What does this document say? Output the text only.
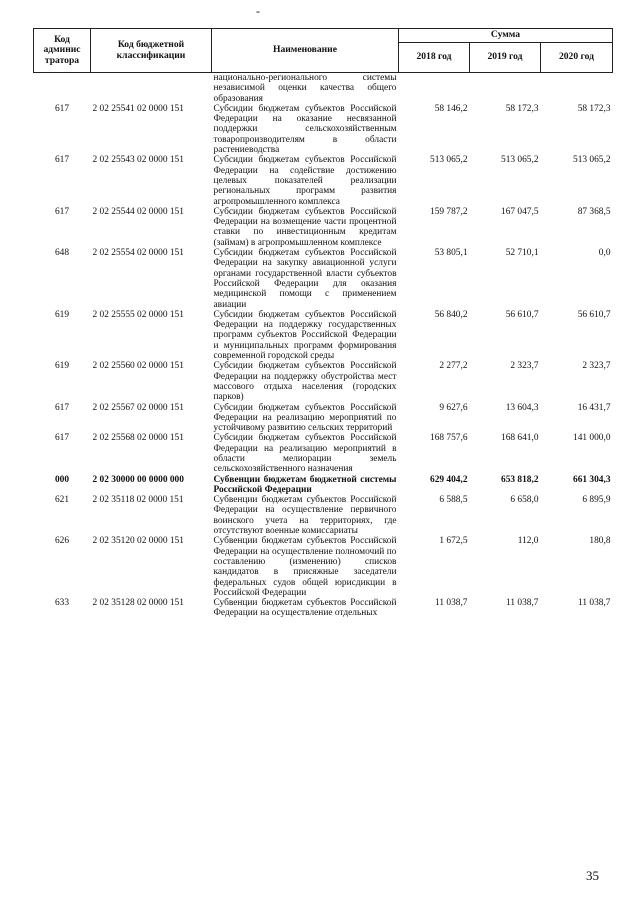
-
Код админис тратора	Код бюджетной классификации	Наименование	Сумма		
			2018 год	2019 год	2020 год
		национально-регионального системы независимой оценки качества общего образования			
617	2 02 25541 02 0000 151	Субсидии бюджетам субъектов Российской Федерации на оказание несвязанной поддержки сельскохозяйственным товаропроизводителям в области растениеводства	58 146,2	58 172,3	58 172,3
617	2 02 25543 02 0000 151	Субсидии бюджетам субъектов Российской Федерации на содействие достижению целевых показателей реализации региональных программ развития агропромышленного комплекса	513 065,2	513 065,2	513 065,2
617	2 02 25544 02 0000 151	Субсидии бюджетам субъектов Российской Федерации на возмещение части процентной ставки по инвестиционным кредитам (займам) в агропромышленном комплексе	159 787,2	167 047,5	87 368,5
648	2 02 25554 02 0000 151	Субсидии бюджетам субъектов Российской Федерации на закупку авиационной услуги органами государственной власти субъектов Российской Федерации для оказания медицинской помощи с применением авиации	53 805,1	52 710,1	0,0
619	2 02 25555 02 0000 151	Субсидии бюджетам субъектов Российской Федерации на поддержку государственных программ субъектов Российской Федерации и муниципальных программ формирования современной городской среды	56 840,2	56 610,7	56 610,7
619	2 02 25560 02 0000 151	Субсидии бюджетам субъектов Российской Федерации на поддержку обустройства мест массового отдыха населения (городских парков)	2 277,2	2 323,7	2 323,7
617	2 02 25567 02 0000 151	Субсидии бюджетам субъектов Российской Федерации на реализацию мероприятий по устойчивому развитию сельских территорий	9 627,6	13 604,3	16 431,7
617	2 02 25568 02 0000 151	Субсидии бюджетам субъектов Российской Федерации на реализацию мероприятий в области мелиорации земель сельскохозяйственного назначения	168 757,6	168 641,0	141 000,0
000	2 02 30000 00 0000 000	Субвенции бюджетам бюджетной системы Российской Федерации	629 404,2	653 818,2	661 304,3
621	2 02 35118 02 0000 151	Субвенции бюджетам субъектов Российской Федерации на осуществление первичного воинского учета на территориях, где отсутствуют военные комиссариаты	6 588,5	6 658,0	6 895,9
626	2 02 35120 02 0000 151	Субвенции бюджетам субъектов Российской Федерации на осуществление полномочий по составлению (изменению) списков кандидатов в присяжные заседатели федеральных судов общей юрисдикции в Российской Федерации	1 672,5	112,0	180,8
633	2 02 35128 02 0000 151	Субвенции бюджетам субъектов Российской Федерации на осуществление отдельных	11 038,7	11 038,7	11 038,7
35
